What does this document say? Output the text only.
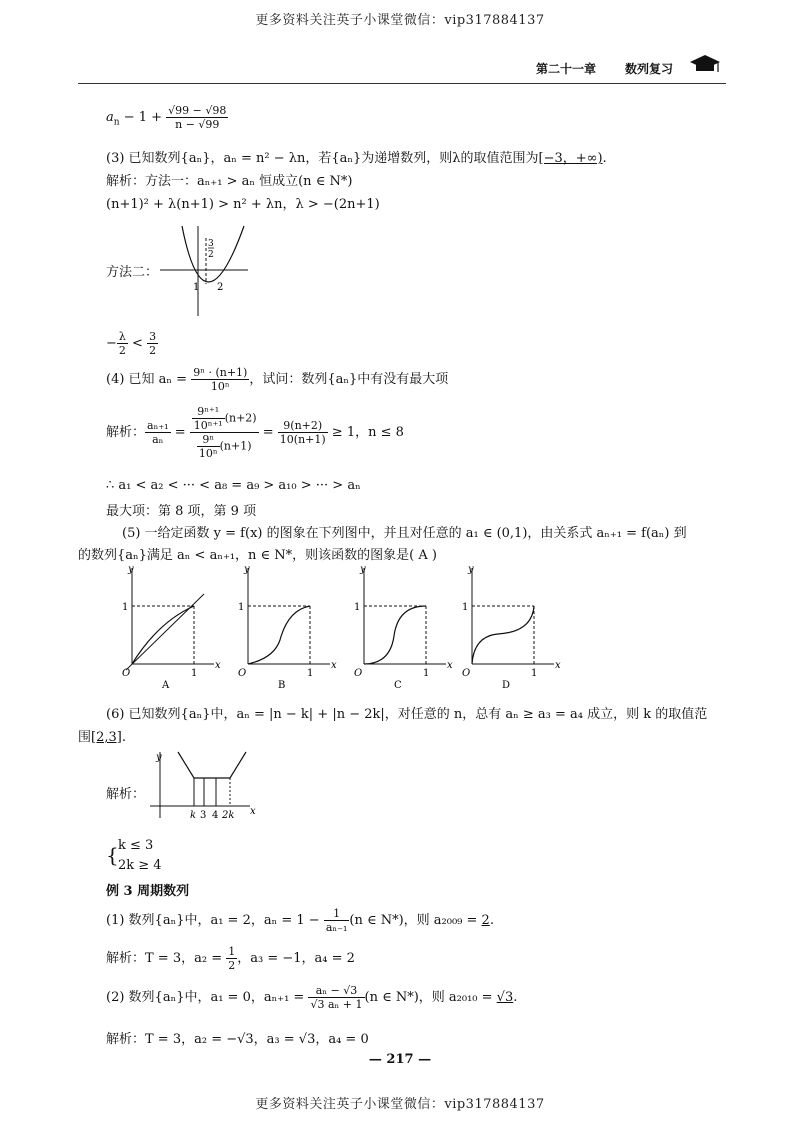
更多资料关注英子小课堂微信：vip317884137
第二十一章 数列复习
$a_n - 1 + \frac{√99 - √98}{n - √99}$
(3) 已知数列{aₙ}，aₙ = n² − λn，若{aₙ}为递增数列，则λ的取值范围为[−3，+∞).
解析：方法一：aₙ₊₁ > aₙ 恒成立(n ∈ N*)
(n+1)² + λ(n+1) > n² + λn，λ > −(2n+1)
方法二：
1 2
3
2
− $\frac{\lambda}{2} < \frac{3}{2}$
(4) 已知 $a_n = \frac{\text{9ⁿ · (n+1)}}{\text{10ⁿ}}$ ，试问：数列{aₙ}中有没有最大项
解析： $\frac{\text{aₙ₊₁}}{\text{aₙ}} = \frac{\frac{\text{9ⁿ⁺¹}}{\text{10ⁿ⁺¹}} (n+2)}{\frac{\text{9ⁿ}}{\text{10ⁿ}} (n+1)} = \frac{9(n+2)}{10(n+1)} \ge 1$，n ≤ 8
∴ a₁ < a₂ < ··· < a₈ = a₉ > a₁₀ > ··· > aₙ
最大项：第 8 项，第 9 项
(5) 一给定函数 y = f(x) 的图象在下列图中，并且对任意的 a₁ ∈ (0,1)，由关系式 aₙ₊₁ = f(aₙ) 到
的数列{aₙ}满足 aₙ < aₙ₊₁，n ∈ N*，则该函数的图象是( A )
y
x
O	1
1
A
y
x
O	1
1
B
y
x
O	1
1
C
y
x
O	1
1
D
(6) 已知数列{aₙ}中，aₙ = |n − k| + |n − 2k|，对任意的 n，总有 aₙ ≥ a₃ = a₄ 成立，则 k 的取值范
围[2,3].
解析：
y
x
k 3 4 2k
{ k ≤ 3
2k ≥ 4
例 3 周期数列
(1) 数列{aₙ}中，a₁ = 2，$a_n = 1 - \frac{1}{\text{aₙ₋₁}} (n$ ∈ N*)，则 a₂₀₀₉ = 2.
解析：T = 3，$a_2 = \frac{1}{2}$ ，a₃ = −1，a₄ = 2
(2) 数列{aₙ}中，a₁ = 0，$a_{n+1} = \frac{\text{aₙ − √3}}{\text{√3 aₙ + 1}} (n$ ∈ N*)，则 a₂₀₁₀ = √3.
解析：T = 3，a₂ = −√3，a₃ = √3，a₄ = 0
— 217 —
更多资料关注英子小课堂微信：vip317884137
